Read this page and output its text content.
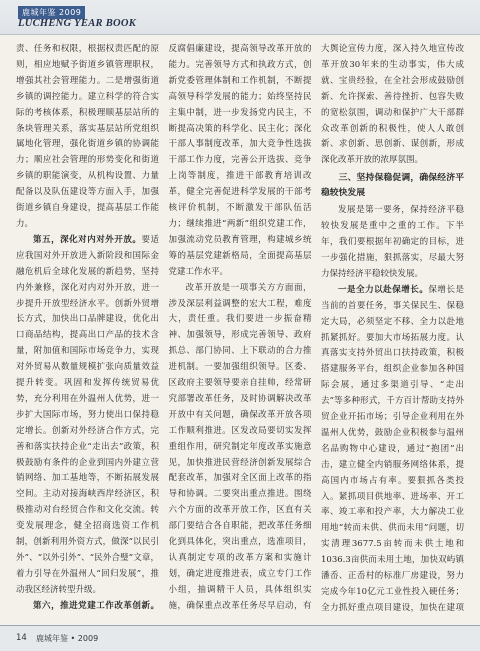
鹿城年鉴 2009
LUCHENG YEAR BOOK

责、任务和权限，根据权责匹配的原则，相应地赋予街道乡镇管理职权，增强其社会管理能力。二是增强街道乡镇的调控能力。建立科学的符合实际的考核体系，积极理顺基层站所的条块管理关系，落实基层站所党组织属地化管理，强化街道乡镇的协调能力；顺应社会管理的形势变化和街道乡镇的职能演变，从机构设置、力量配备以及队伍建设等方面入手，加强街道乡镇自身建设，提高基层工作能力。

第五，深化对内对外开放。要适应我国对外开放进入新阶段和国际金融危机后全球化发展的新趋势，坚持内外兼修，深化对内对外开放，进一步提升开放型经济水平。创新外贸增长方式，加快出口品牌建设，优化出口商品结构，提高出口产品的技术含量，附加值和国际市场竞争力，实现对外贸易从数量规模扩张向质量效益提升转变。巩固和发挥传统贸易优势，充分利用在外温州人优势，进一步扩大国际市场，努力使出口保持稳定增长。创新对外经济合作方式，完善和落实扶持企业“走出去”政策，积极鼓励有条件的企业到国内外建立营销网络、加工基地等，不断拓展发展空间。主动对接海峡西岸经济区，积极推动对台经贸合作和文化交流。转变发展理念，健全招商选资工作机制，创新利用外资方式，做深“以民引外”、“以外引外”、“民外合璧”文章，着力引导在外温州人“回归发展”，推动我区经济转型升级。

第六，推进党建工作改革创新。

反腐倡廉建设，提高领导改革开放的能力。完善领导方式和执政方式，创新党委管理体制和工作机制，不断提高领导科学发展的能力；始终坚持民主集中制，进一步发扬党内民主，不断提高决策的科学化、民主化；深化干部人事制度改革，加大竞争性选拔干部工作力度，完善公开选拔、竞争上岗等制度，推进干部教育培训改革，健全完善促进科学发展的干部考核评价机制，不断激发干部队伍活力；继续推进“两新”组织党建工作，加强流动党员教育管理，构建城乡统筹的基层党建新格局，全面提高基层党建工作水平。

改革开放是一项事关方方面面，涉及深层利益调整的宏大工程，难度大，责任重。我们要进一步振奋精神、加强领导，形成完善领导、政府抓总、部门协同、上下联动的合力推进机制。一要加强组织领导。区委、区政府主要领导要亲自挂帅，经常研究部署改革任务，及时协调解决改革开放中有关问题，确保改革开放各项工作顺利推进。区发改局要切实发挥重组作用，研究制定年度改革实施意见，加快推进民营经济创新发展综合配套改革，加强对全区面上改革的指导和协调。二要突出重点推进。围绕六个方面的改革开放工作，区直有关部门要结合各自职能，把改革任务细化到具体化，突出重点，选准项目，认真制定专项的改革方案和实施计划，确定进度推进表，成立专门工作小组，抽调精干人员，具体组织实施，确保重点改革任务尽早启动，有

大舆论宣传力度，深入持久地宣传改革开放30年来的生动事实，伟大成就、宝贵经验，在全社会形成鼓励创新、允许探索、善待挫折、包容失败的宽松氛围，调动和保护广大干部群众改革创新的积极性，使人人敢创新、求创新、思创新、谋创新，形成深化改革开放的浓厚氛围。

三、坚持保稳促调，确保经济平稳较快发展

发展是第一要务，保持经济平稳较快发展是重中之重的工作。下半年，我们要根据年初确定的目标，进一步强化措施，狠抓落实，尽最大努力保持经济平稳较快发展。

一是全力以赴保增长。保增长是当前的首要任务，事关保民生、保稳定大局，必须坚定不移、全力以赴地抓紧抓好。要加大市场拓展力度。认真落实支持外贸出口扶持政策，积极搭建服务平台，组织企业参加各种国际会展，通过多渠道引导、“走出去”等多种形式，千方百计帮助支持外贸企业开拓市场；引导企业利用在外温州人优势，鼓励企业积极参与温州名品购物中心建设，通过“抱团”出击，建立健全内销服务网络体系，提高国内市场占有率。要狠抓各类投入。紧抓项目供地率、进场率、开工率、竣工率和投产率，大力解决工业用地“转而未供、供而未用”问题，切实清理3677.5亩转而未供土地和1036.3亩供而未用土地，加快双屿镇潘岙、正岙村的标准厂房建设，努力完成今年10亿元工业性投入硬任务；全力抓好重点项目建设，加快在建项

14 鹿城年鉴 • 2009
